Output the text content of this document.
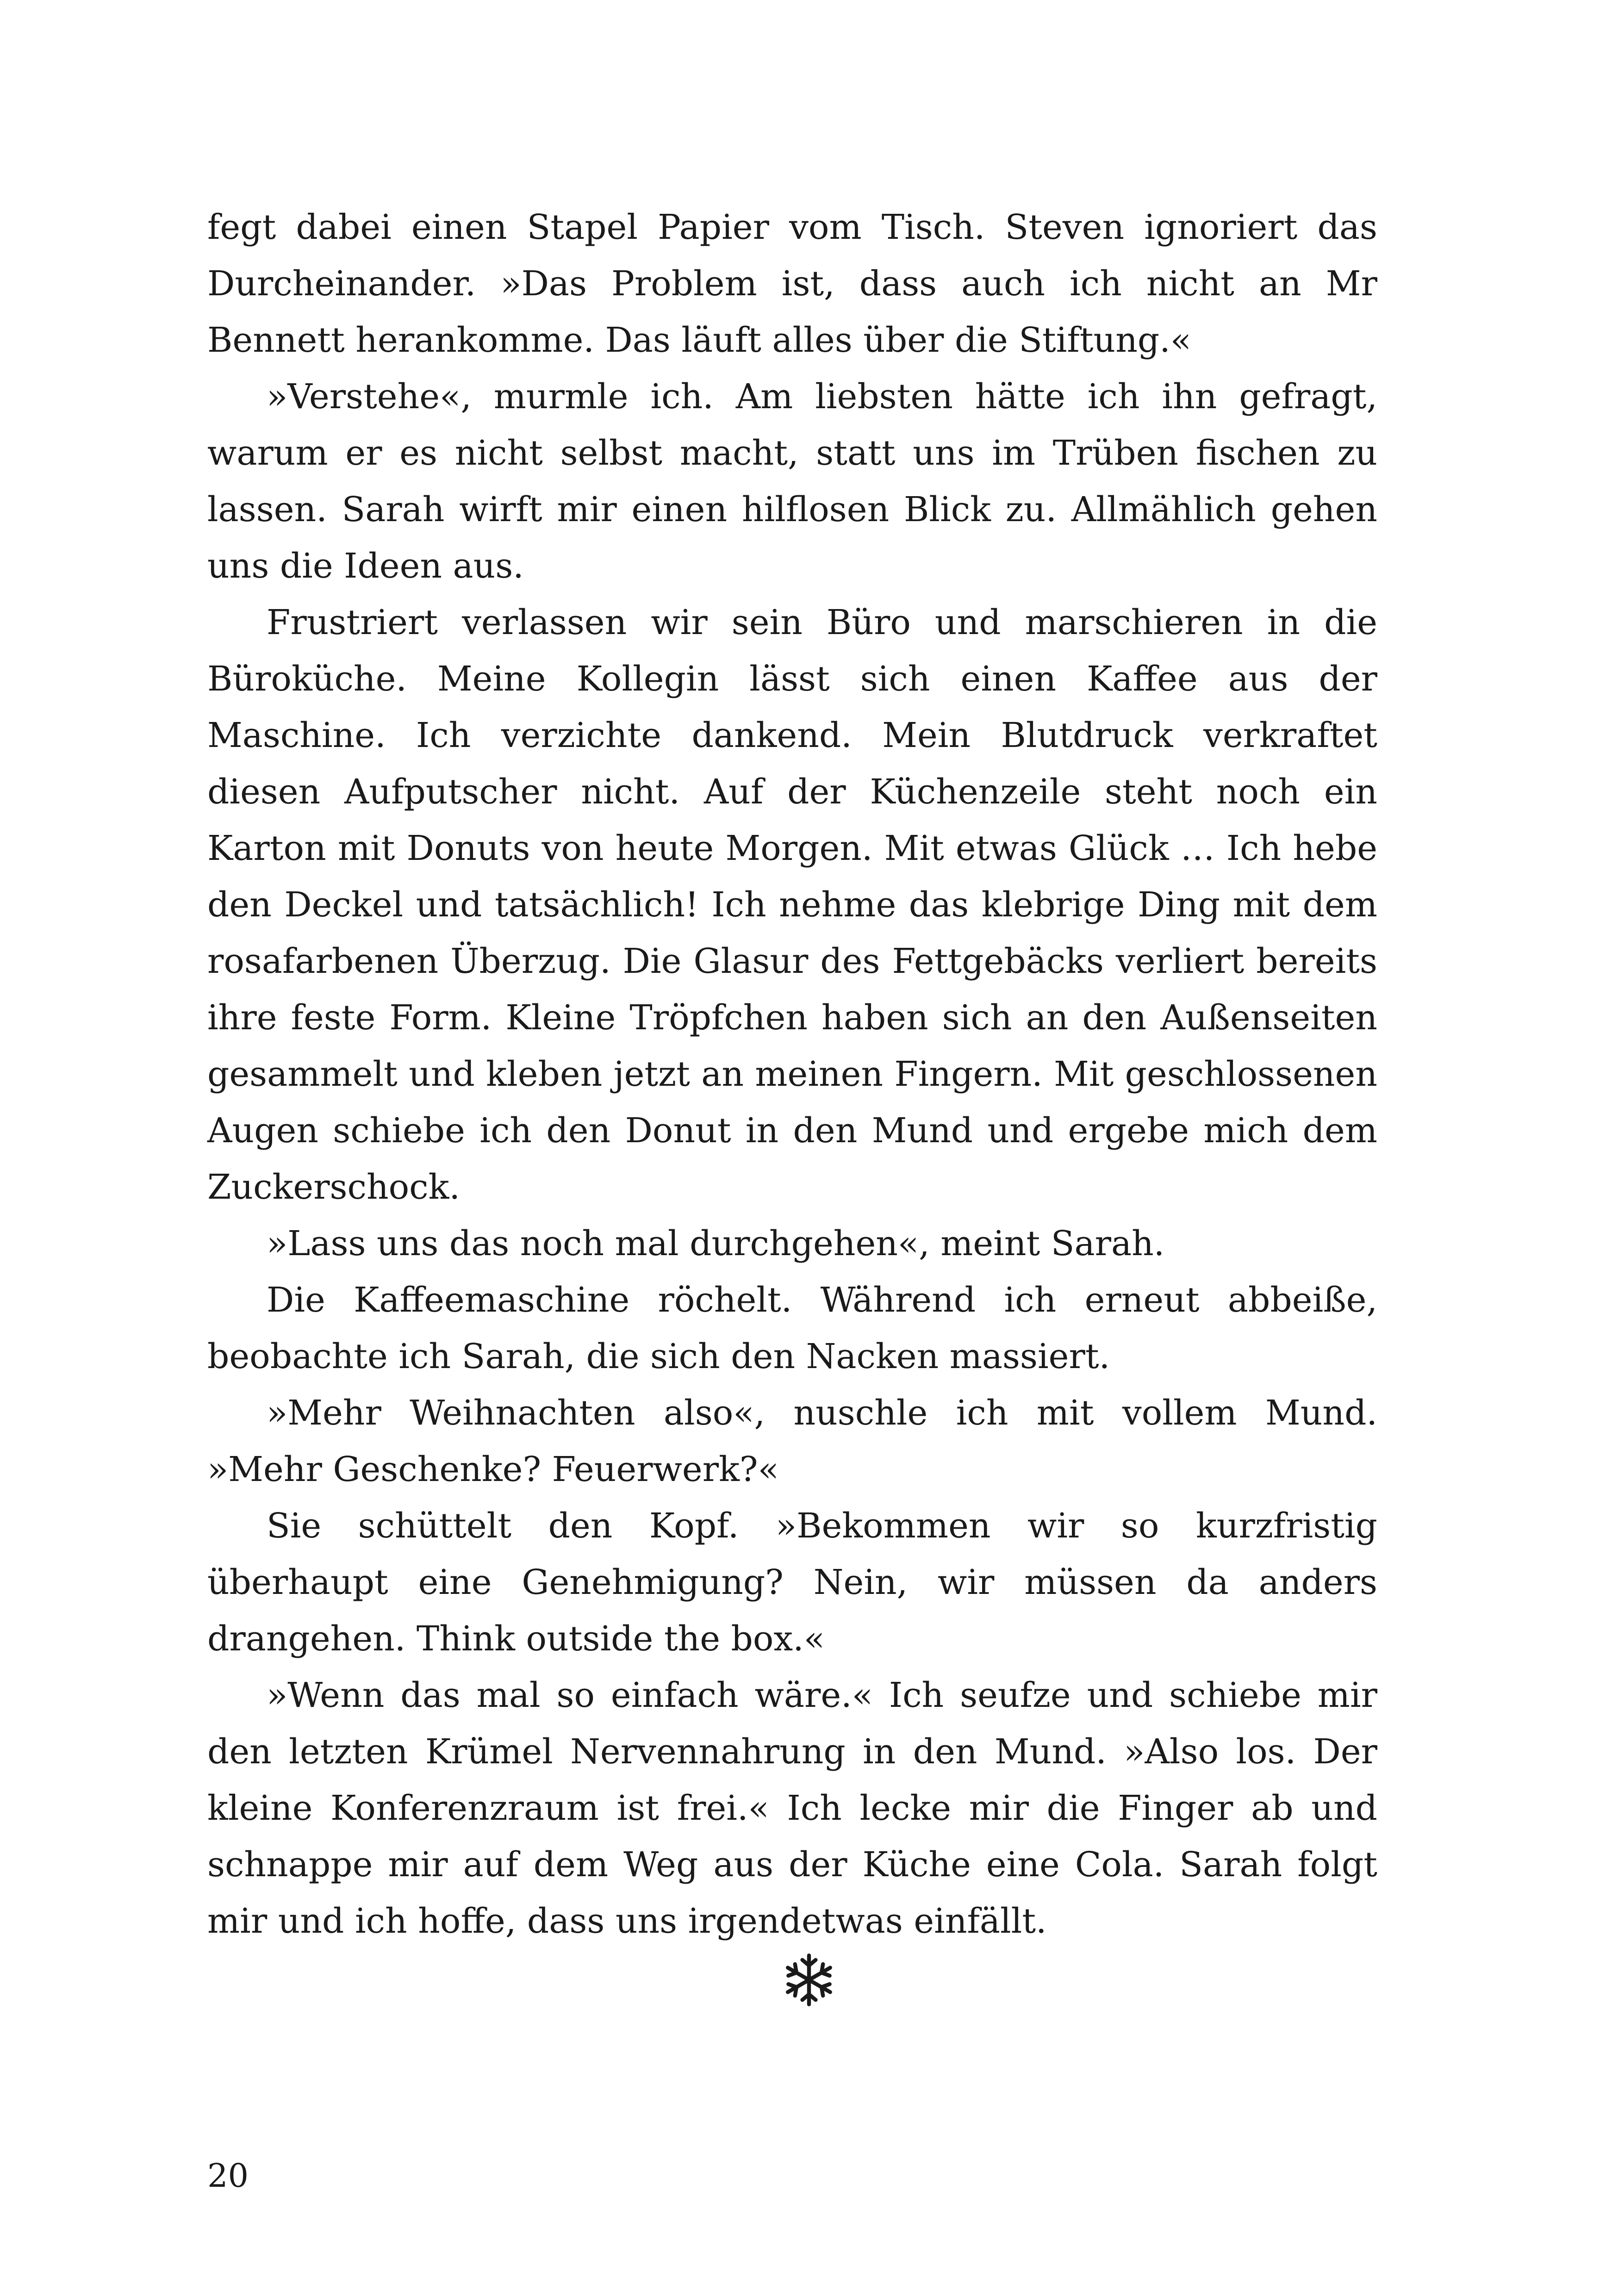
fegt dabei einen Stapel Papier vom Tisch. Steven ignoriert das Durcheinander. »Das Problem ist, dass auch ich nicht an Mr Bennett herankomme. Das läuft alles über die Stiftung.«

»Verstehe«, murmle ich. Am liebsten hätte ich ihn gefragt, warum er es nicht selbst macht, statt uns im Trüben fischen zu lassen. Sarah wirft mir einen hilflosen Blick zu. Allmählich gehen uns die Ideen aus.

Frustriert verlassen wir sein Büro und marschieren in die Büroküche. Meine Kollegin lässt sich einen Kaffee aus der Maschine. Ich verzichte dankend. Mein Blutdruck verkraftet diesen Aufputscher nicht. Auf der Küchenzeile steht noch ein Karton mit Donuts von heute Morgen. Mit etwas Glück … Ich hebe den Deckel und tatsächlich! Ich nehme das klebrige Ding mit dem rosafarbenen Überzug. Die Glasur des Fettgebäcks verliert bereits ihre feste Form. Kleine Tröpfchen haben sich an den Außenseiten gesammelt und kleben jetzt an meinen Fingern. Mit geschlossenen Augen schiebe ich den Donut in den Mund und ergebe mich dem Zuckerschock.

»Lass uns das noch mal durchgehen«, meint Sarah.

Die Kaffeemaschine röchelt. Während ich erneut abbeiße, beobachte ich Sarah, die sich den Nacken massiert.

»Mehr Weihnachten also«, nuschle ich mit vollem Mund. »Mehr Geschenke? Feuerwerk?«

Sie schüttelt den Kopf. »Bekommen wir so kurzfristig überhaupt eine Genehmigung? Nein, wir müssen da anders drangehen. Think outside the box.«

»Wenn das mal so einfach wäre.« Ich seufze und schiebe mir den letzten Krümel Nervennahrung in den Mund. »Also los. Der kleine Konferenzraum ist frei.« Ich lecke mir die Finger ab und schnappe mir auf dem Weg aus der Küche eine Cola. Sarah folgt mir und ich hoffe, dass uns irgendetwas einfällt.

20
